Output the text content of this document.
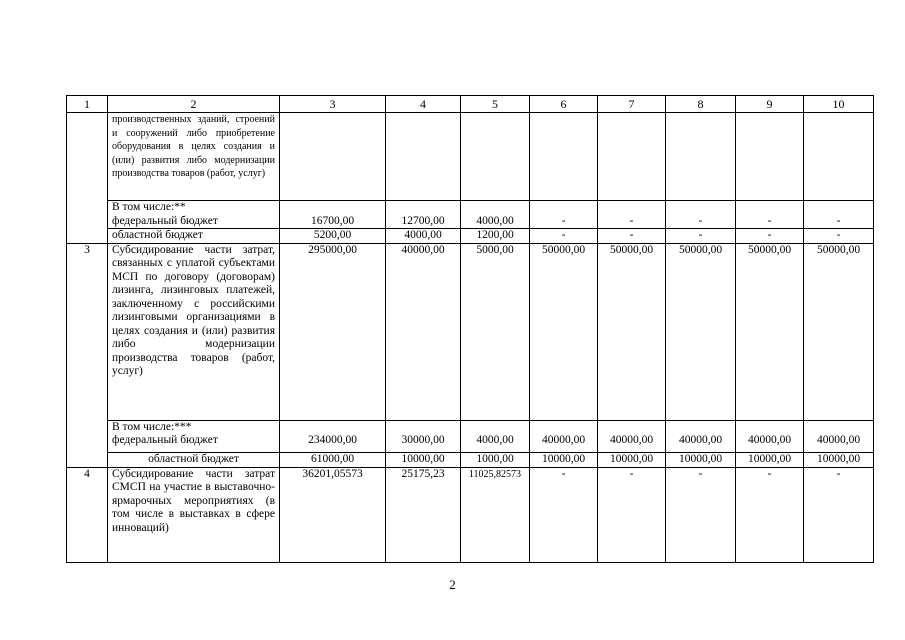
1	2	3	4	5	6	7	8	9	10
	производственных зданий, строений и сооружений либо приобретение оборудования в целях создания и (или) развития либо модернизации производства товаров (работ, услуг)								
	В том числе:**								
	федеральный бюджет	16700,00	12700,00	4000,00	-	-	-	-	-
	областной бюджет	5200,00	4000,00	1200,00	-	-	-	-	-
3	Субсидирование части затрат, связанных с уплатой субъектами МСП по договору (договорам) лизинга, лизинговых платежей, заключенному с российскими лизинговыми организациями в целях создания и (или) развития либо модернизации производства товаров (работ, услуг)	295000,00	40000,00	5000,00	50000,00	50000,00	50000,00	50000,00	50000,00
	В том числе:***								
	федеральный бюджет	234000,00	30000,00	4000,00	40000,00	40000,00	40000,00	40000,00	40000,00
	областной бюджет	61000,00	10000,00	1000,00	10000,00	10000,00	10000,00	10000,00	10000,00
4	Субсидирование части затрат СМСП на участие в выставочно-ярмарочных мероприятиях (в том числе в выставках в сфере инноваций)	36201,05573	25175,23	11025,82573	-	-	-	-	-
2
